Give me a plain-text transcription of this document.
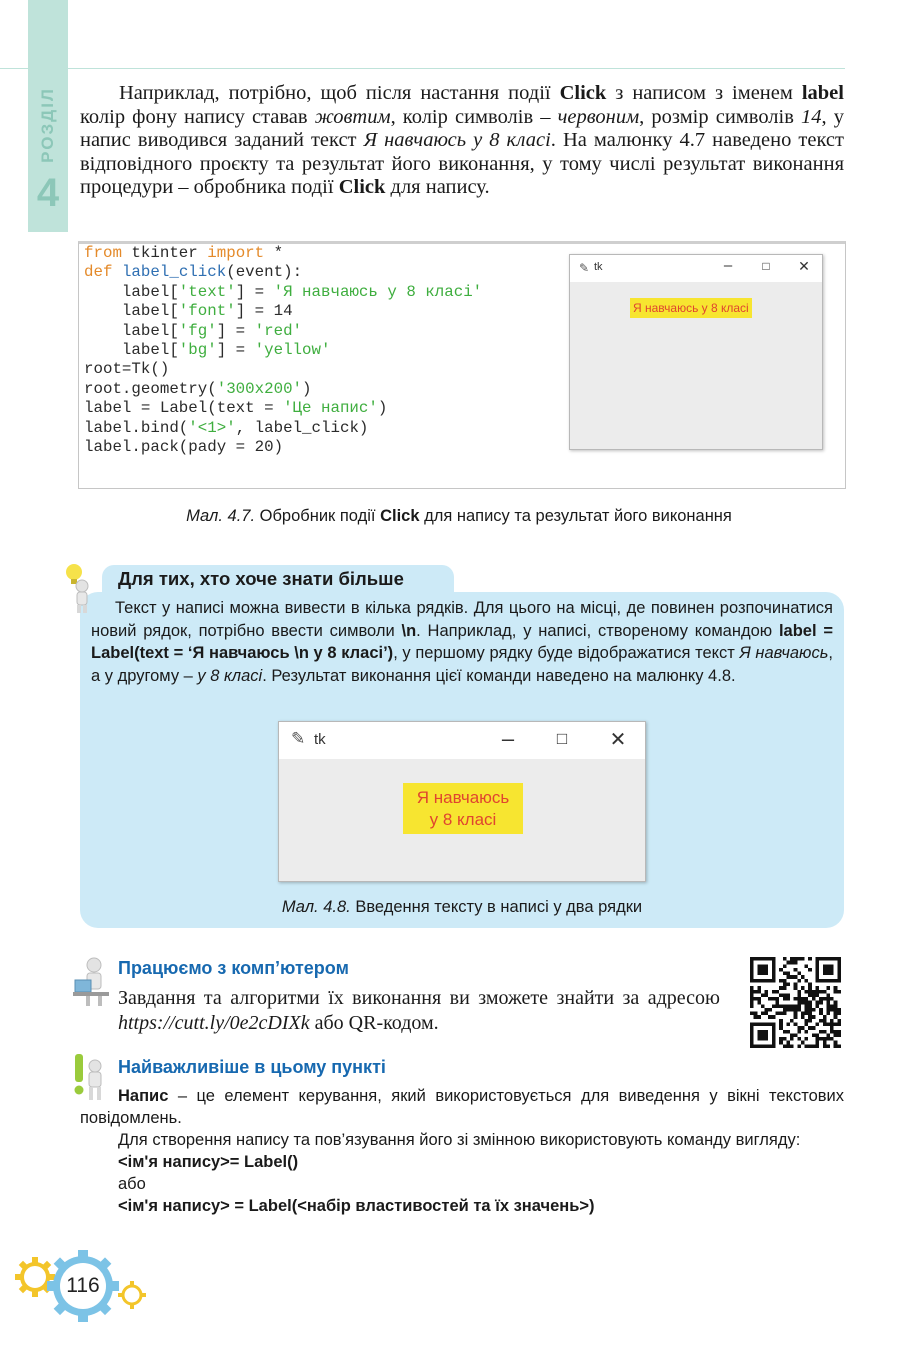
РОЗДІЛ
4
Наприклад, потрібно, щоб після настання події Click з написом з іменем label колір фону напису ставав жовтим, колір символів – червоним, розмір символів 14, у напис виводився заданий текст Я навчаюсь у 8 класі. На малюнку 4.7 наведено текст відповідного проєкту та результат його виконання, у тому числі результат виконання процедури – обробника події Click для напису.
from tkinter import *
def label_click(event):
label['text'] = 'Я навчаюсь у 8 класі'
label['font'] = 14
label['fg'] = 'red'
label['bg'] = 'yellow'
root=Tk()
root.geometry('300x200')
label = Label(text = 'Це напис')
label.bind('<1>', label_click)
label.pack(pady = 20)
✎ tk	–	□	✕
Я навчаюсь у 8 класі
Мал. 4.7. Обробник події Click для напису та результат його виконання
Для тих, хто хоче знати більше
Текст у написі можна вивести в кілька рядків. Для цього на місці, де повинен розпочинатися новий рядок, потрібно ввести символи \n. Наприклад, у написі, створеному командою label = Label(text = ‘Я навчаюсь \n у 8 класі’), у першому рядку буде відображатися текст Я навчаюсь, а у другому – у 8 класі. Результат виконання цієї команди наведено на малюнку 4.8.
✎ tk	–	□	✕
Я навчаюсь
у 8 класі
Мал. 4.8. Введення тексту в написі у два рядки
Працюємо з комп’ютером
Завдання та алгоритми їх виконання ви зможете знайти за адресою https://cutt.ly/0e2cDIXk або QR-кодом.
Найважливіше в цьому пункті

Напис – це елемент керування, який використовується для виведення у вікні текстових повідомлень.

Для створення напису та пов’язування його зі змінною використовують команду вигляду:

<ім'я напису>= Label()

або

<ім'я напису> = Label(<набір властивостей та їх значень>)

116
